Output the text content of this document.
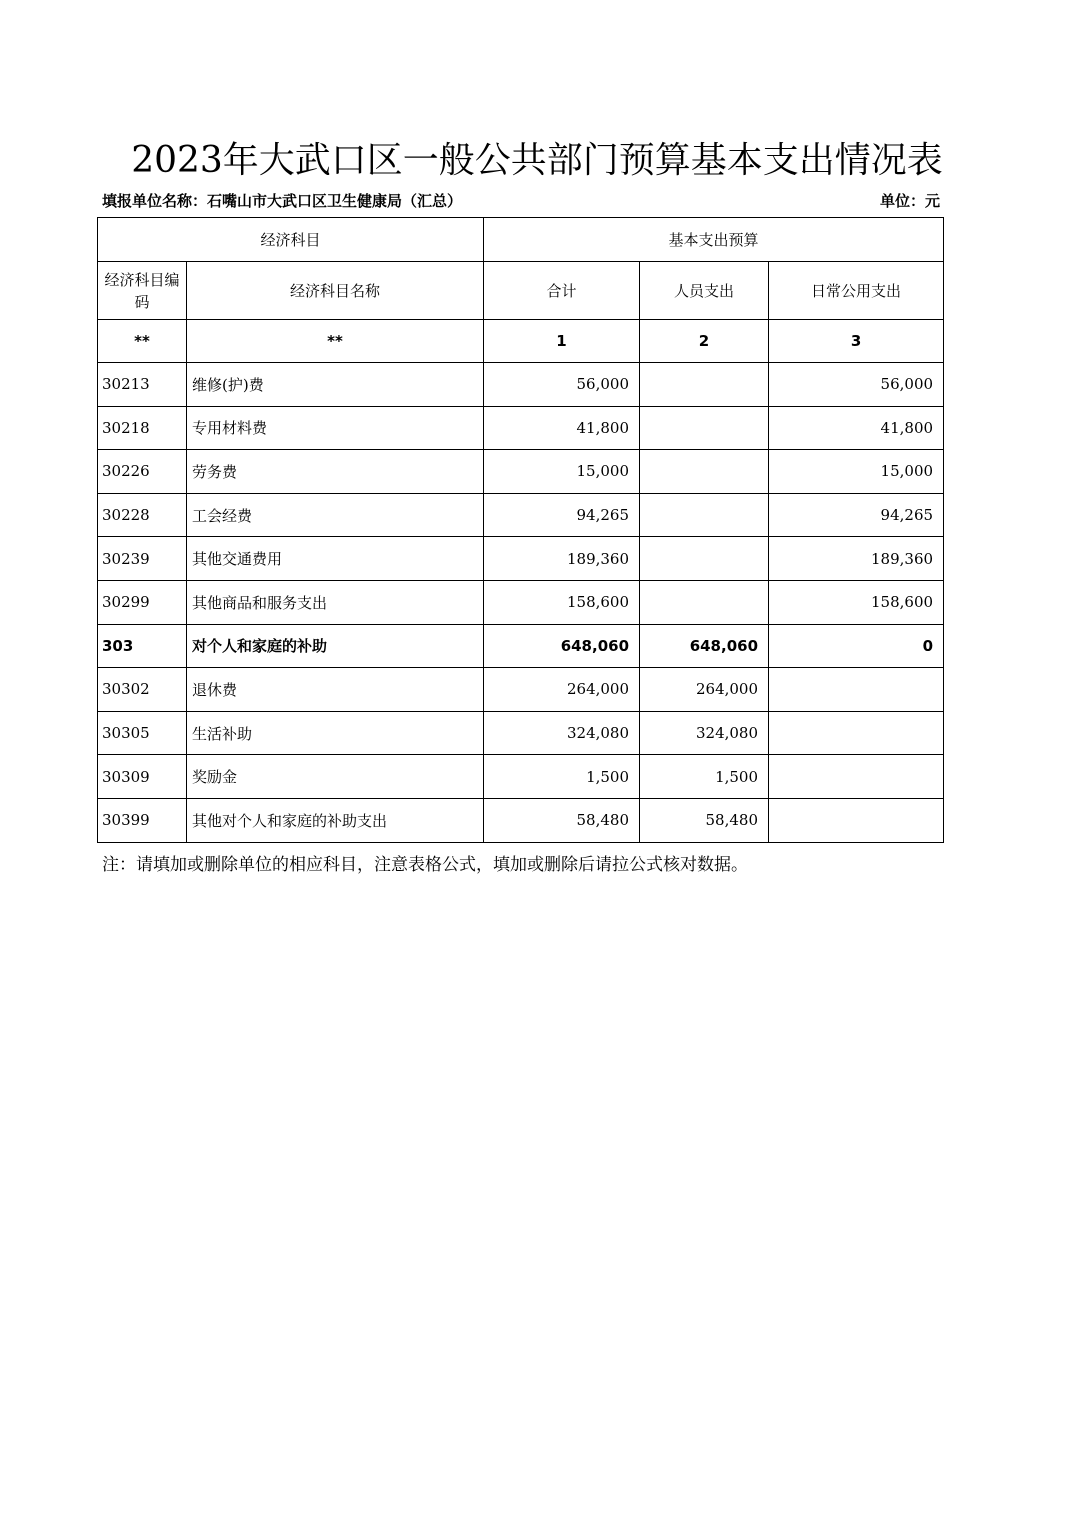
2023年大武口区一般公共部门预算基本支出情况表
填报单位名称：石嘴山市大武口区卫生健康局（汇总）	单位：元
经济科目		基本支出预算		
经济科目编码	经济科目名称	合计	人员支出	日常公用支出
**	**	1	2	3
30213	维修(护)费	56,000		56,000
30218	专用材料费	41,800		41,800
30226	劳务费	15,000		15,000
30228	工会经费	94,265		94,265
30239	其他交通费用	189,360		189,360
30299	其他商品和服务支出	158,600		158,600
303	对个人和家庭的补助	648,060	648,060	0
30302	退休费	264,000	264,000	
30305	生活补助	324,080	324,080	
30309	奖励金	1,500	1,500	
30399	其他对个人和家庭的补助支出	58,480	58,480	
注：请填加或删除单位的相应科目，注意表格公式，填加或删除后请拉公式核对数据。
